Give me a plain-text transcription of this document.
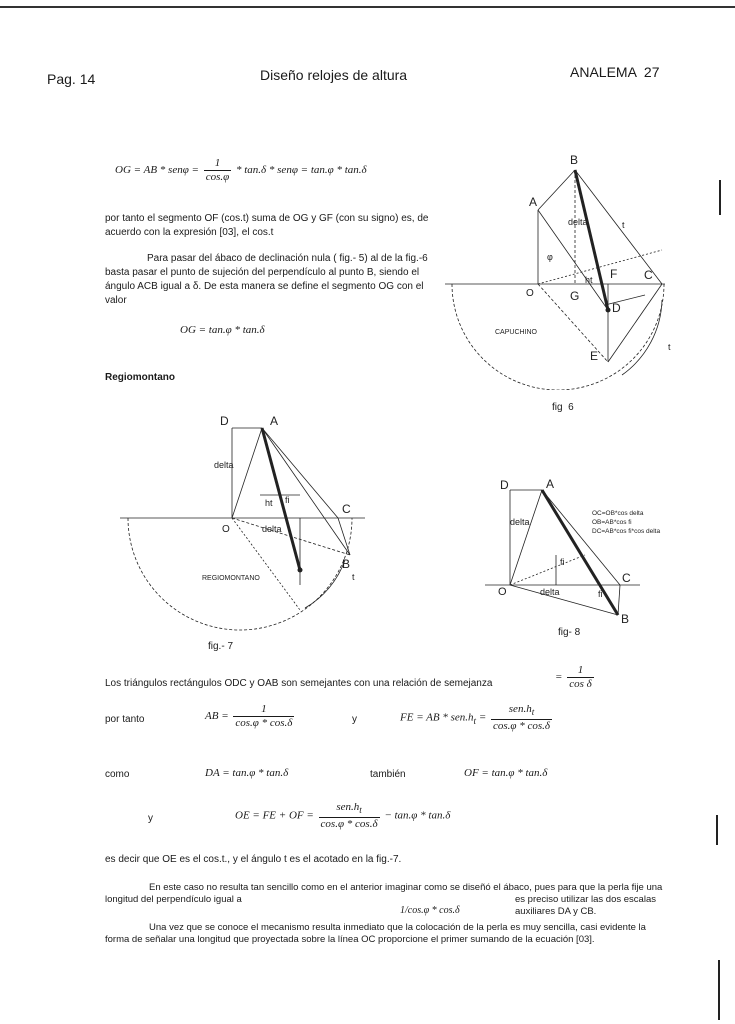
Pag. 14	Diseño relojes de altura	ANALEMA  27
OG = AB * $sen\varphi = \frac{1}{\cos.\varphi} * \tan.\delta * sen\varphi = \tan.\varphi * \tan.\delta$
por tanto el segmento OF (cos.t) suma de OG y GF (con su signo) es, de acuerdo con la expresión [03], el cos.t
Para pasar del ábaco de declinación nula ( fig.- 5) al de la fig.-6 basta pasar el punto de sujeción del perpendículo al punto B, siendo el ángulo ACB igual a δ. De esta manera se define el segmento OG con el valor
OG = tan.φ * tan.δ
Regiomontano
B
A
delta
φ
ht F C
O	G
D
E
t
t
CAPUCHINO
fig  6
D	A
delta
ht fi
C
O	delta
B
REGIOMONTANO	t
fig.- 7
D	A
delta
fi
fi
C
O	delta
B
OC=OB*cos delta
OB=AB*cos fi
DC=AB*cos fi*cos delta
fig- 8
Los triángulos rectángulos ODC y OAB son semejantes con una relación de semejanza
= $\frac{1}{\text{cos δ}}$
por tanto	AB = $\frac{1}{\cos.\varphi * \cos.\delta}$	y	FE = AB * $sen.h_t = \frac{sen.h_t}{\cos.\varphi * \cos.\delta}$
como	DA = tan.φ * tan.δ	también	OF = tan.φ * tan.δ
y	OE = FE + OF = $\frac{sen.h_t}{\cos.\varphi * \cos.\delta} - \tan.\varphi * \tan.\delta$
es decir que OE es el cos.t., y el ángulo t es el acotado en la fig.-7.
En este caso no resulta tan sencillo como en el anterior imaginar como se diseñó el ábaco, pues para que la perla fije una longitud del perpendículo igual a	es preciso utilizar las dos escalas auxiliares DA y CB.
1/cos.φ * cos.δ
Una vez que se conoce el mecanismo resulta inmediato que la colocación de la perla es muy sencilla, casi evidente la forma de señalar una longitud que proyectada sobre la línea OC proporcione el primer sumando de la ecuación [03].
